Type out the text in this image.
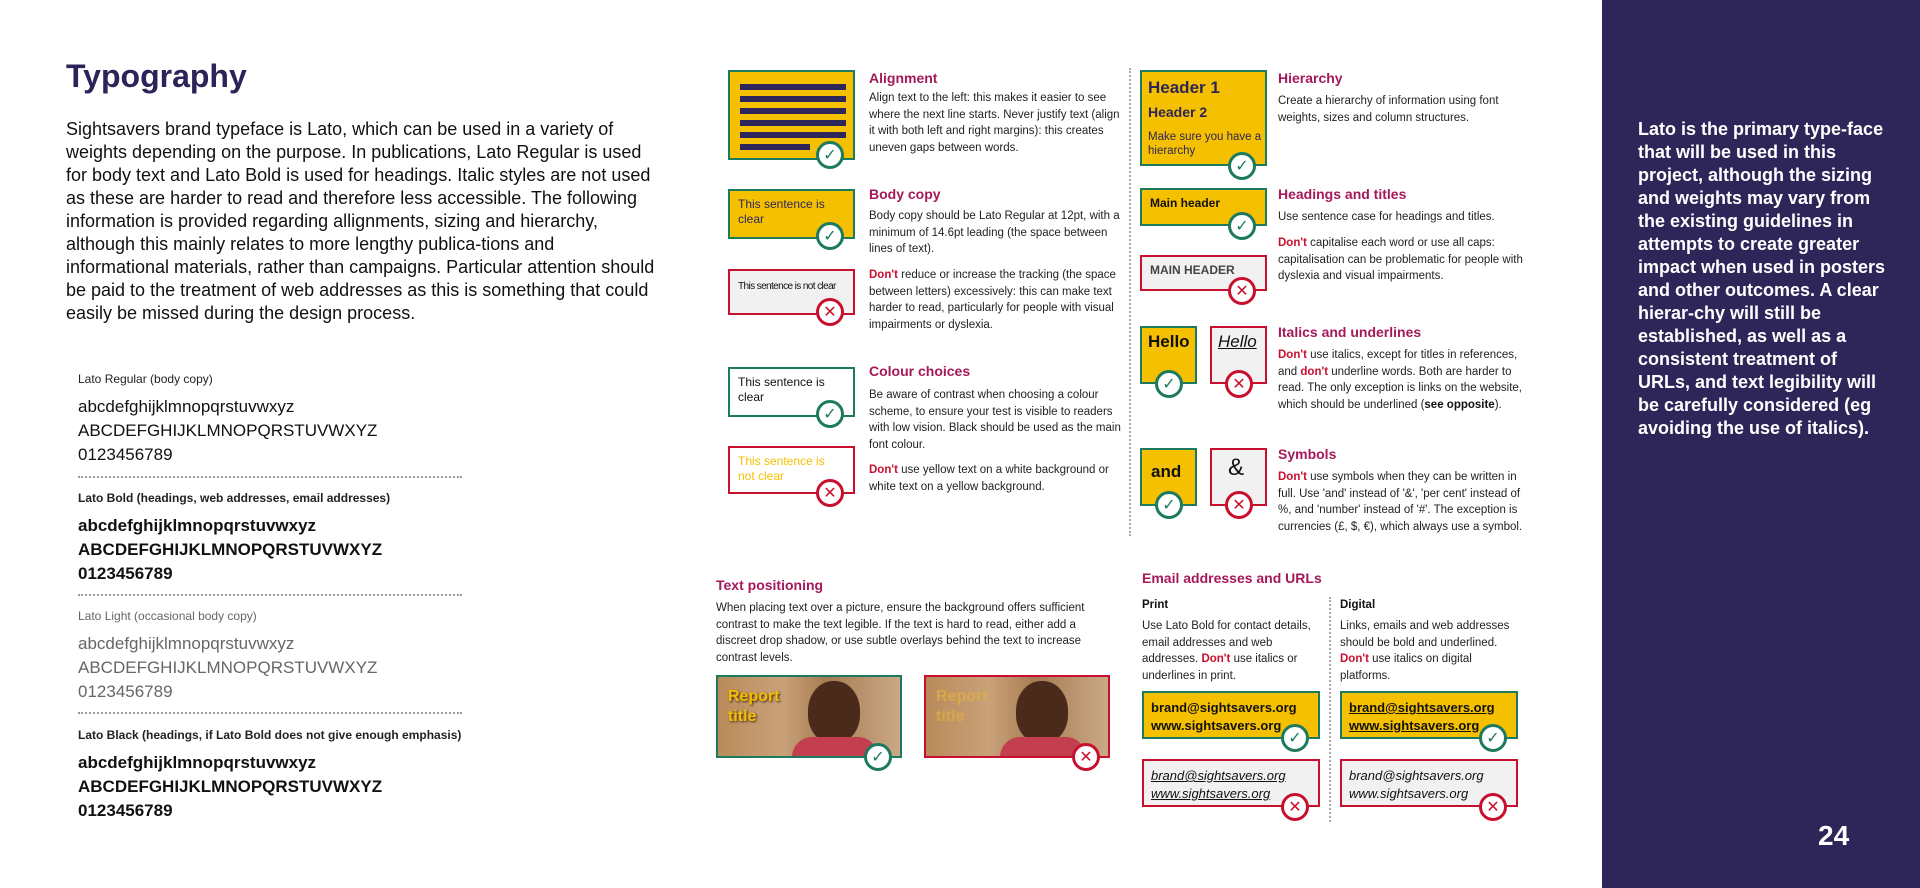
Typography
Sightsavers brand typeface is Lato, which can be used in a variety of weights depending on the purpose. In publications, Lato Regular is used for body text and Lato Bold is used for headings. Italic styles are not used as these are harder to read and therefore less accessible. The following information is provided regarding allignments, sizing and hierarchy, although this mainly relates to more lengthy publica-tions and informational materials, rather than campaigns. Particular attention should be paid to the treatment of web addresses as this is something that could easily be missed during the design process.
Lato Regular (body copy)
abcdefghijklmnopqrstuvwxyz
ABCDEFGHIJKLMNOPQRSTUVWXYZ
0123456789
Lato Bold (headings, web addresses, email addresses)
abcdefghijklmnopqrstuvwxyz
ABCDEFGHIJKLMNOPQRSTUVWXYZ
0123456789
Lato Light (occasional body copy)
abcdefghijklmnopqrstuvwxyz
ABCDEFGHIJKLMNOPQRSTUVWXYZ
0123456789
Lato Black (headings, if Lato Bold does not give enough emphasis)
abcdefghijklmnopqrstuvwxyz
ABCDEFGHIJKLMNOPQRSTUVWXYZ
0123456789
✓
Alignment
Align text to the left: this makes it easier to see where the next line starts. Never justify text (align it with both left and right margins): this creates uneven gaps between words.
This sentence is clear
✓
This sentence is not clear
✕
Body copy
Body copy should be Lato Regular at 12pt, with a minimum of 14.6pt leading (the space between lines of text).
Don't reduce or increase the tracking (the space between letters) excessively: this can make text harder to read, particularly for people with visual impairments or dyslexia.
This sentence is clear
✓
This sentence is not clear
✕
Colour choices
Be aware of contrast when choosing a colour scheme, to ensure your test is visible to readers with low vision. Black should be used as the main font colour.
Don't use yellow text on a white background or white text on a yellow background.
Header 1
Header 2
Make sure you have a hierarchy
✓
Hierarchy
Create a hierarchy of information using font weights, sizes and column structures.
Main header
✓
MAIN HEADER
✕
Headings and titles
Use sentence case for headings and titles.
Don't capitalise each word or use all caps: capitalisation can be problematic for people with dyslexia and visual impairments.
Hello
✓
Hello
✕
Italics and underlines
Don't use italics, except for titles in references, and don't underline words. Both are harder to read. The only exception is links on the website, which should be underlined (see opposite).
and
✓
&
✕
Symbols
Don't use symbols when they can be written in full. Use 'and' instead of '&', 'per cent' instead of %, and 'number' instead of '#'. The exception is currencies (£, $, €), which always use a symbol.
Text positioning
When placing text over a picture, ensure the background offers sufficient contrast to make the text legible. If the text is hard to read, either add a discreet drop shadow, or use subtle overlays behind the text to increase contrast levels.
Report title
✓
Report title
✕
Email addresses and URLs
Print
Use Lato Bold for contact details, email addresses and web addresses. Don't use italics or underlines in print.
Digital
Links, emails and web addresses should be bold and underlined. Don't use italics on digital platforms.
brand@sightsavers.org
www.sightsavers.org
✓
brand@sightsavers.org
www.sightsavers.org
✕
brand@sightsavers.org
www.sightsavers.org
✓
brand@sightsavers.org
www.sightsavers.org
✕
Lato is the primary type-face that will be used in this project, although the sizing and weights may vary from the existing guidelines in attempts to create greater impact when used in posters and other outcomes. A clear hierar-chy will still be established, as well as a consistent treatment of URLs, and text legibility will be carefully considered (eg avoiding the use of italics).
24
